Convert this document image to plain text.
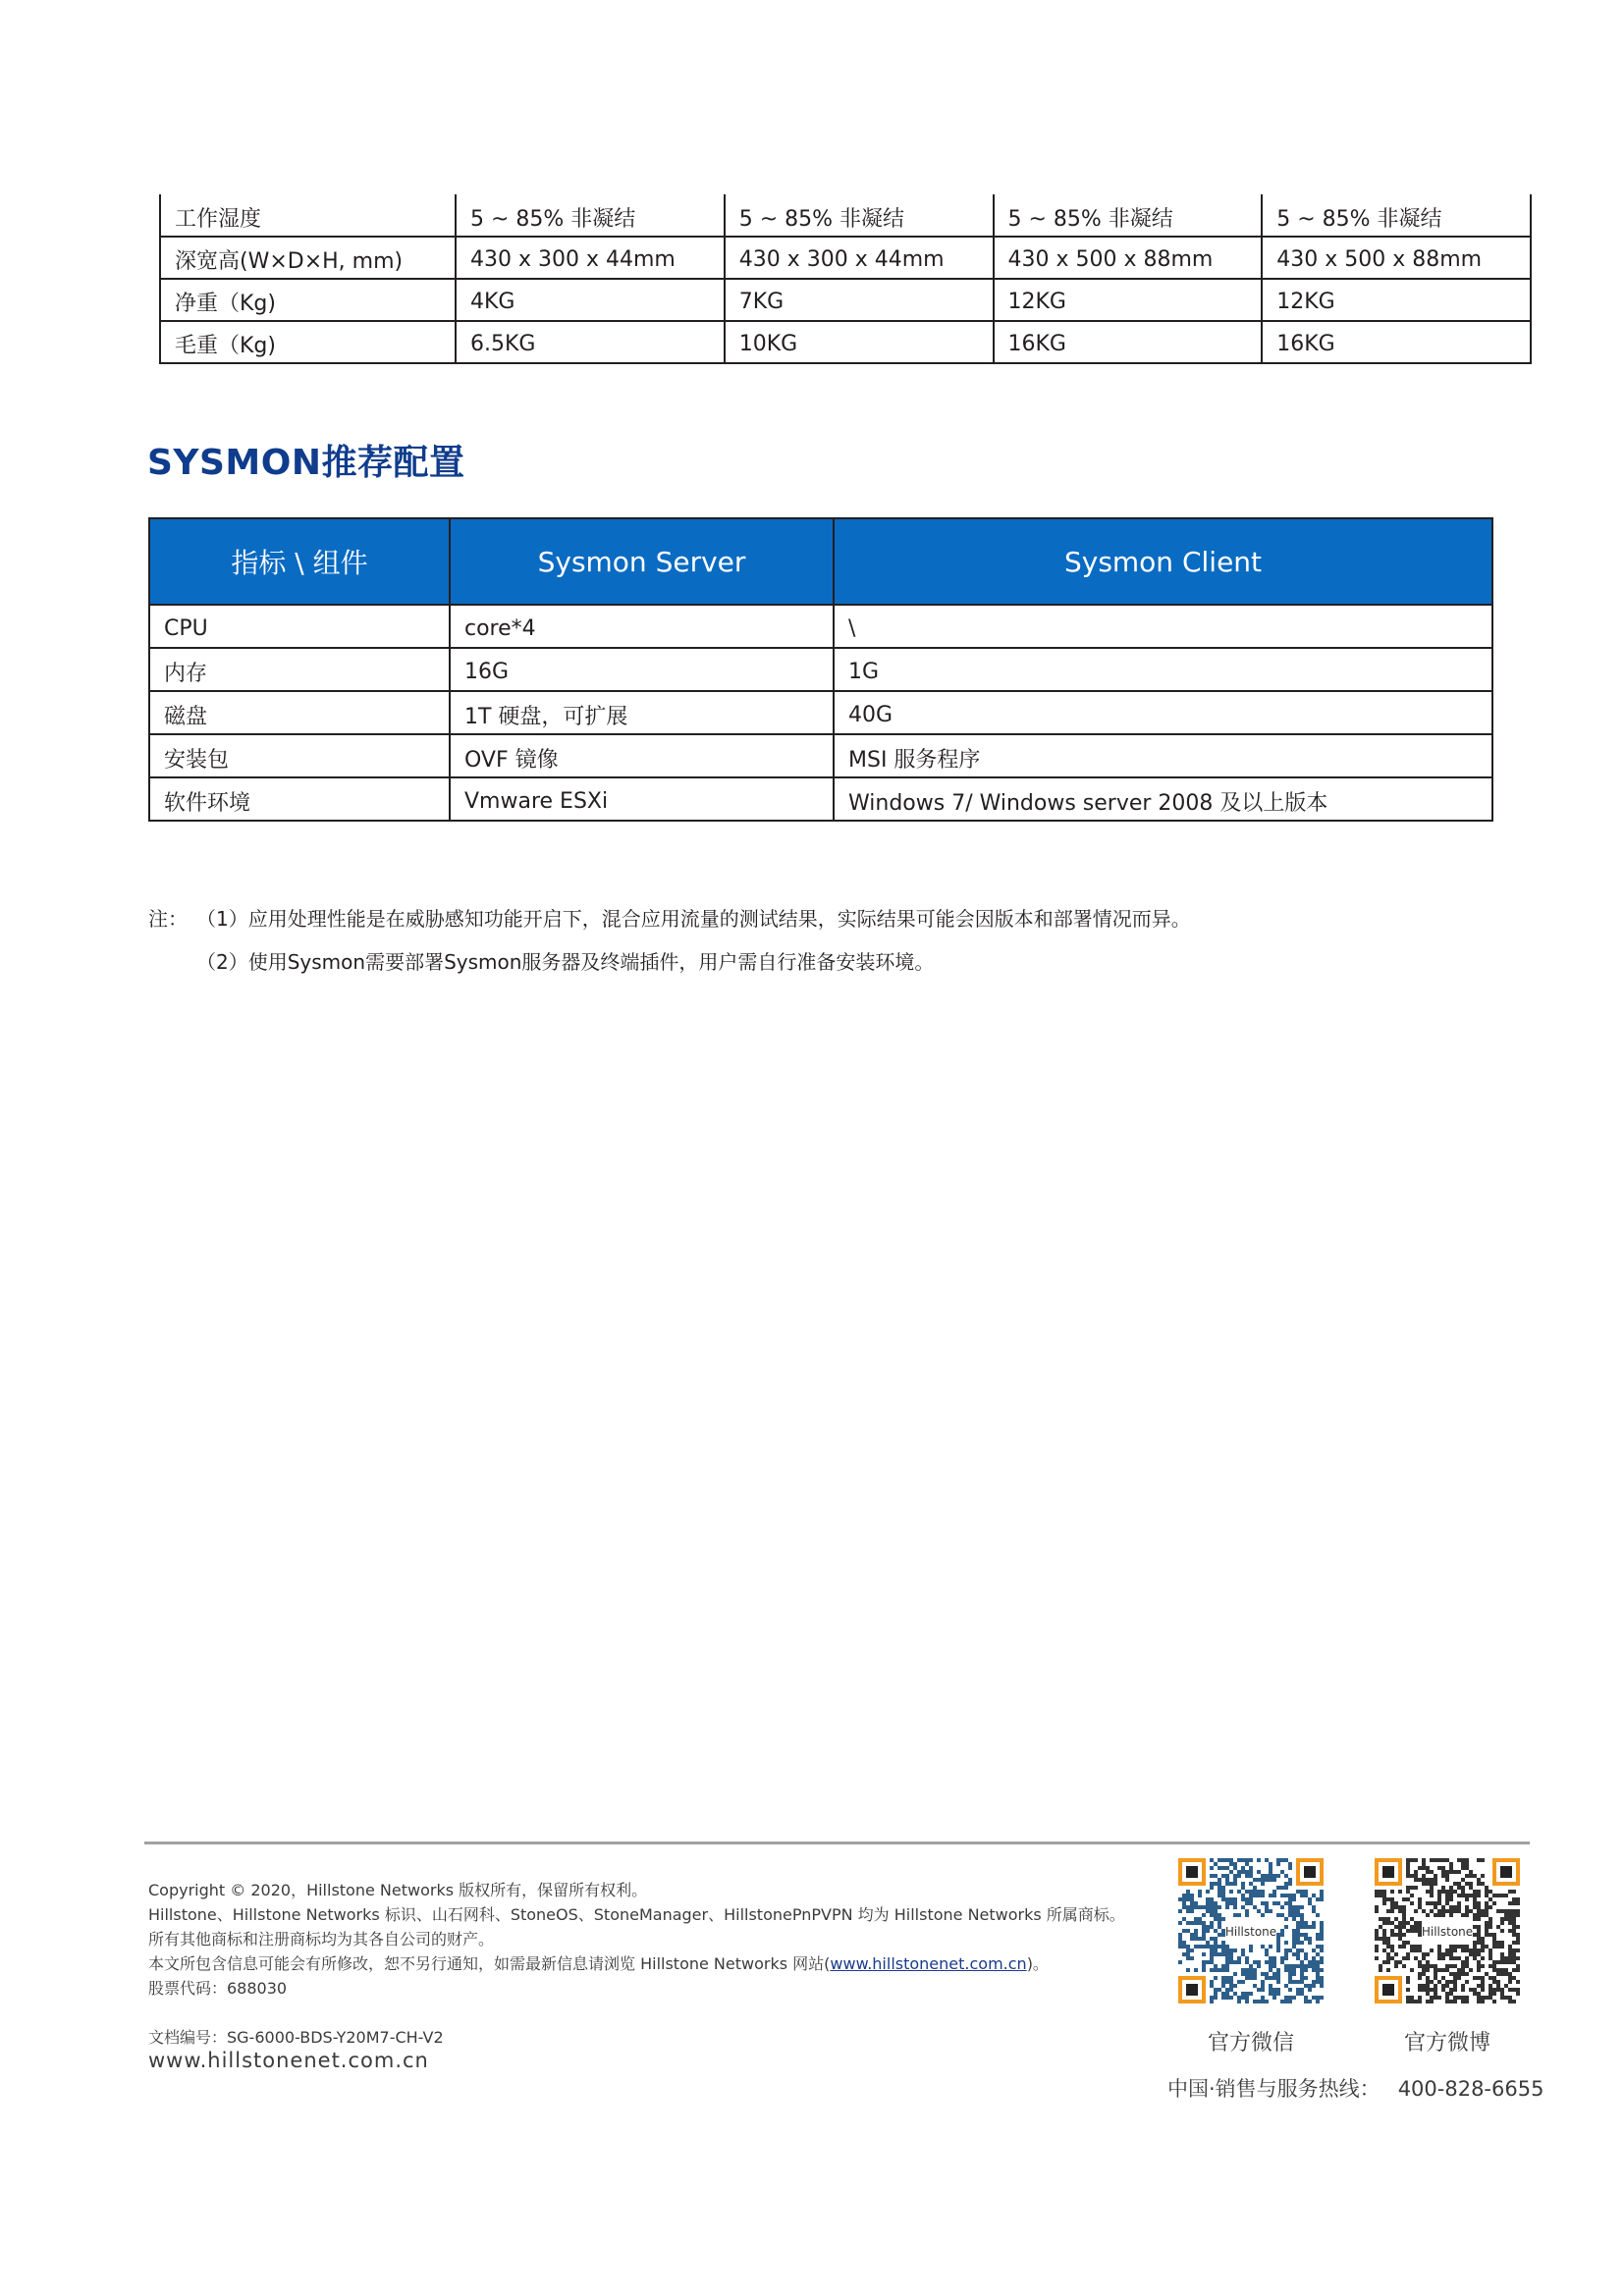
工作湿度	5 ~ 85% 非凝结	5 ~ 85% 非凝结	5 ~ 85% 非凝结	5 ~ 85% 非凝结
深宽高(W×D×H, mm)	430 x 300 x 44mm	430 x 300 x 44mm	430 x 500 x 88mm	430 x 500 x 88mm
净重（Kg)	4KG	7KG	12KG	12KG
毛重（Kg)	6.5KG	10KG	16KG	16KG
SYSMON推荐配置
指标 \ 组件	Sysmon Server	Sysmon Client
CPU	core*4	\
内存	16G	1G
磁盘	1T 硬盘，可扩展	40G
安装包	OVF 镜像	MSI 服务程序
软件环境	Vmware ESXi	Windows 7/ Windows server 2008 及以上版本
注： （1）应用处理性能是在威胁感知功能开启下，混合应用流量的测试结果，实际结果可能会因版本和部署情况而异。
（2）使用Sysmon需要部署Sysmon服务器及终端插件，用户需自行准备安装环境。
Copyright © 2020，Hillstone Networks 版权所有，保留所有权利。
Hillstone、Hillstone Networks 标识、山石网科、StoneOS、StoneManager、HillstonePnPVPN 均为 Hillstone Networks 所属商标。
所有其他商标和注册商标均为其各自公司的财产。
本文所包含信息可能会有所修改，恕不另行通知，如需最新信息请浏览 Hillstone Networks 网站(www.hillstonenet.com.cn)。
股票代码：688030
文档编号：SG-6000-BDS-Y20M7-CH-V2
www.hillstonenet.com.cn
Hillstone	Hillstone
官方微信	官方微博
中国·销售与服务热线： 400-828-6655
